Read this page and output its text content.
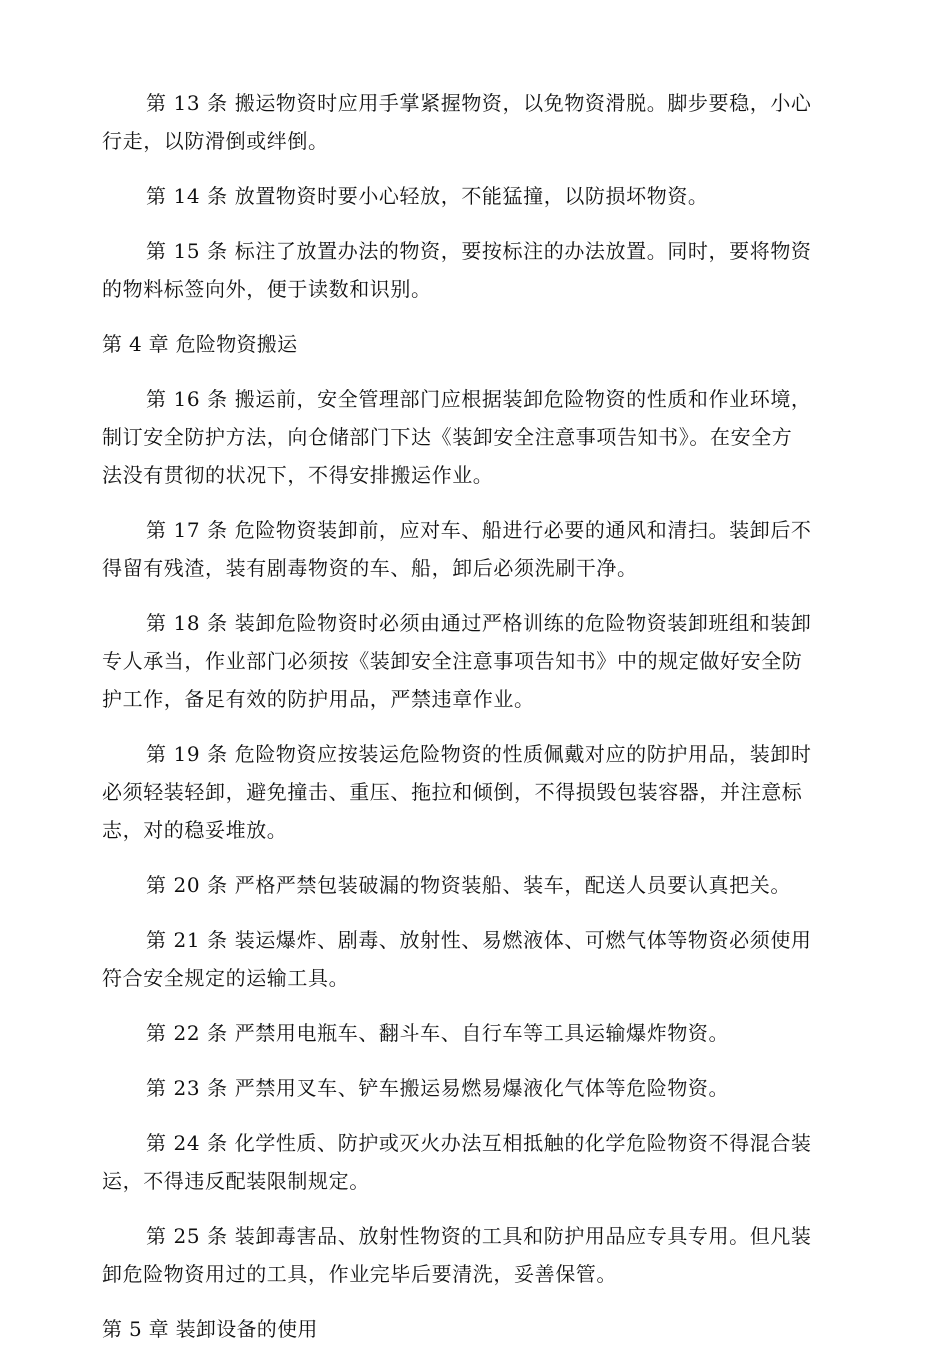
第 13 条 搬运物资时应用手掌紧握物资，以免物资滑脱。脚步要稳，小心
行走，以防滑倒或绊倒。
第 14 条 放置物资时要小心轻放，不能猛撞，以防损坏物资。
第 15 条 标注了放置办法的物资，要按标注的办法放置。同时，要将物资
的物料标签向外，便于读数和识别。
第 4 章 危险物资搬运
第 16 条 搬运前，安全管理部门应根据装卸危险物资的性质和作业环境，
制订安全防护方法，向仓储部门下达《装卸安全注意事项告知书》。在安全方
法没有贯彻的状况下，不得安排搬运作业。
第 17 条 危险物资装卸前，应对车、船进行必要的通风和清扫。装卸后不
得留有残渣，装有剧毒物资的车、船，卸后必须洗刷干净。
第 18 条 装卸危险物资时必须由通过严格训练的危险物资装卸班组和装卸
专人承当，作业部门必须按《装卸安全注意事项告知书》中的规定做好安全防
护工作，备足有效的防护用品，严禁违章作业。
第 19 条 危险物资应按装运危险物资的性质佩戴对应的防护用品，装卸时
必须轻装轻卸，避免撞击、重压、拖拉和倾倒，不得损毁包装容器，并注意标
志，对的稳妥堆放。
第 20 条 严格严禁包装破漏的物资装船、装车，配送人员要认真把关。
第 21 条 装运爆炸、剧毒、放射性、易燃液体、可燃气体等物资必须使用
符合安全规定的运输工具。
第 22 条 严禁用电瓶车、翻斗车、自行车等工具运输爆炸物资。
第 23 条 严禁用叉车、铲车搬运易燃易爆液化气体等危险物资。
第 24 条 化学性质、防护或灭火办法互相抵触的化学危险物资不得混合装
运，不得违反配装限制规定。
第 25 条 装卸毒害品、放射性物资的工具和防护用品应专具专用。但凡装
卸危险物资用过的工具，作业完毕后要清洗，妥善保管。
第 5 章 装卸设备的使用
